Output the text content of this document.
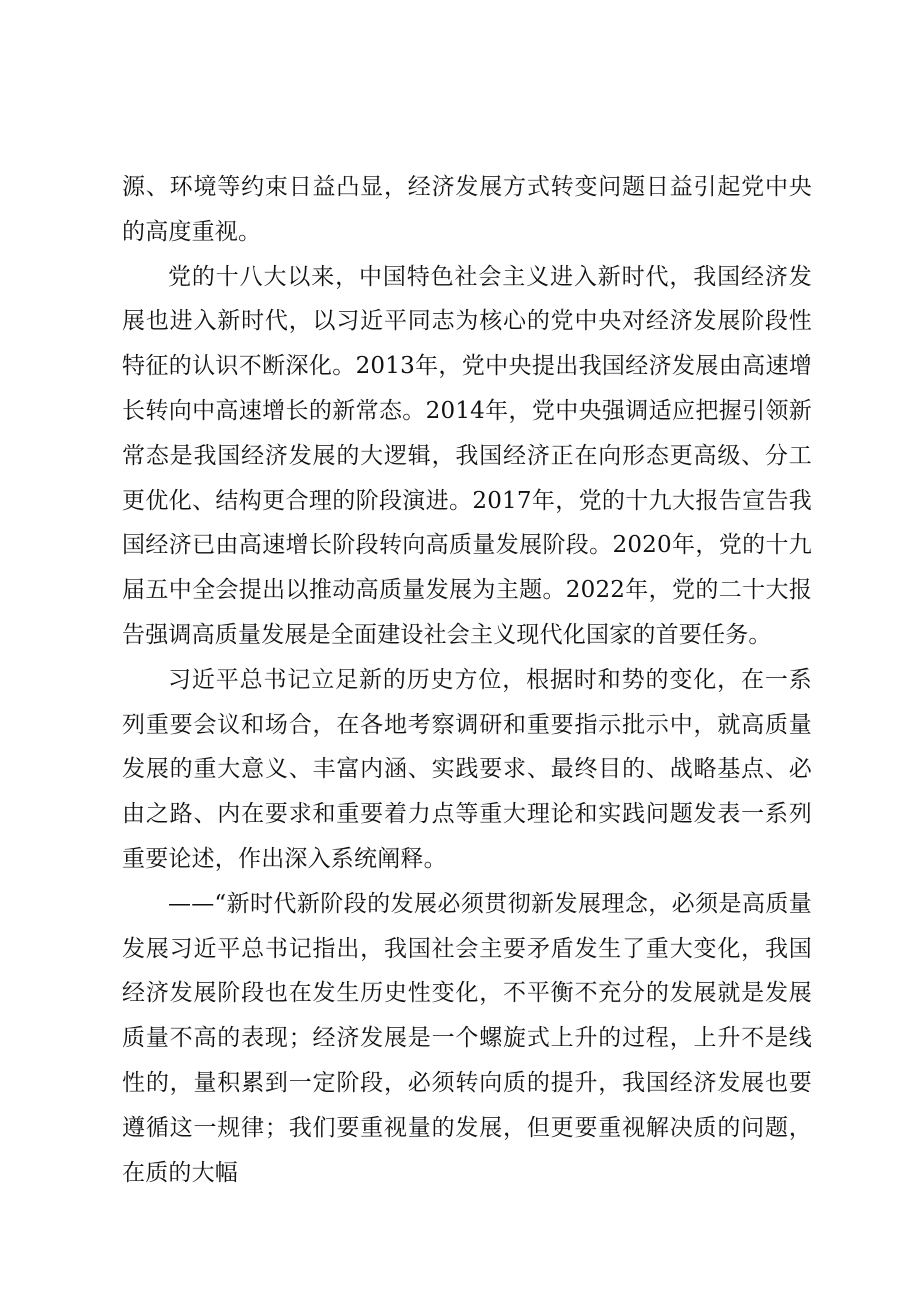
源、环境等约束日益凸显，经济发展方式转变问题日益引起党中央的高度重视。

党的十八大以来，中国特色社会主义进入新时代，我国经济发展也进入新时代，以习近平同志为核心的党中央对经济发展阶段性特征的认识不断深化。2013年，党中央提出我国经济发展由高速增长转向中高速增长的新常态。2014年，党中央强调适应把握引领新常态是我国经济发展的大逻辑，我国经济正在向形态更高级、分工更优化、结构更合理的阶段演进。2017年，党的十九大报告宣告我国经济已由高速增长阶段转向高质量发展阶段。2020年，党的十九届五中全会提出以推动高质量发展为主题。2022年，党的二十大报告强调高质量发展是全面建设社会主义现代化国家的首要任务。

习近平总书记立足新的历史方位，根据时和势的变化，在一系列重要会议和场合，在各地考察调研和重要指示批示中，就高质量发展的重大意义、丰富内涵、实践要求、最终目的、战略基点、必由之路、内在要求和重要着力点等重大理论和实践问题发表一系列重要论述，作出深入系统阐释。

——“新时代新阶段的发展必须贯彻新发展理念，必须是高质量发展习近平总书记指出，我国社会主要矛盾发生了重大变化，我国经济发展阶段也在发生历史性变化，不平衡不充分的发展就是发展质量不高的表现；经济发展是一个螺旋式上升的过程，上升不是线性的，量积累到一定阶段，必须转向质的提升，我国经济发展也要遵循这一规律；我们要重视量的发展，但更要重视解决质的问题，在质的大幅
